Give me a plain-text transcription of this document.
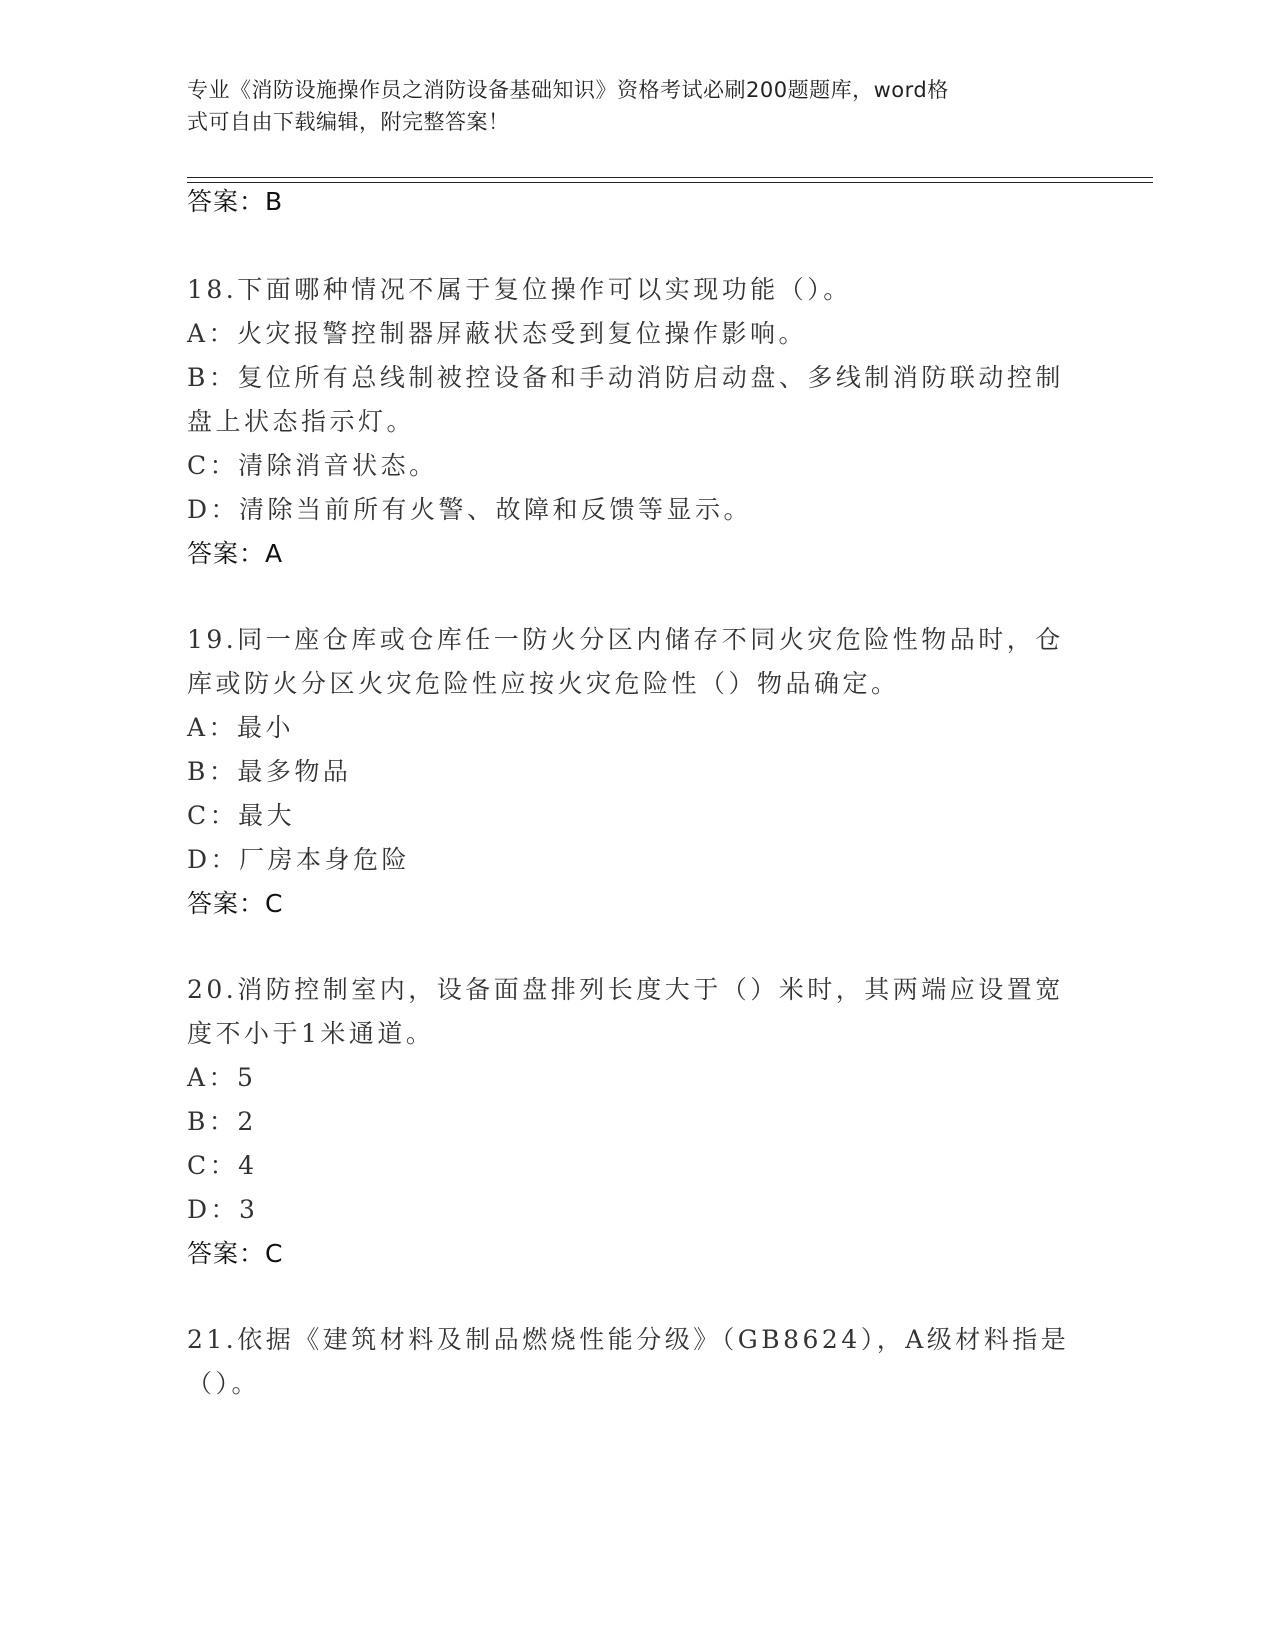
专业《消防设施操作员之消防设备基础知识》资格考试必刷200题题库，word格
式可自由下载编辑，附完整答案！
答案：B
18.下面哪种情况不属于复位操作可以实现功能（）。
A：火灾报警控制器屏蔽状态受到复位操作影响。
B：复位所有总线制被控设备和手动消防启动盘、多线制消防联动控制
盘上状态指示灯。
C：清除消音状态。
D：清除当前所有火警、故障和反馈等显示。
答案：A
19.同一座仓库或仓库任一防火分区内储存不同火灾危险性物品时，仓
库或防火分区火灾危险性应按火灾危险性（）物品确定。
A：最小
B：最多物品
C：最大
D：厂房本身危险
答案：C
20.消防控制室内，设备面盘排列长度大于（）米时，其两端应设置宽
度不小于1米通道。
A：5
B：2
C：4
D：3
答案：C
21.依据《建筑材料及制品燃烧性能分级》（GB8624），A级材料指是
（）。
